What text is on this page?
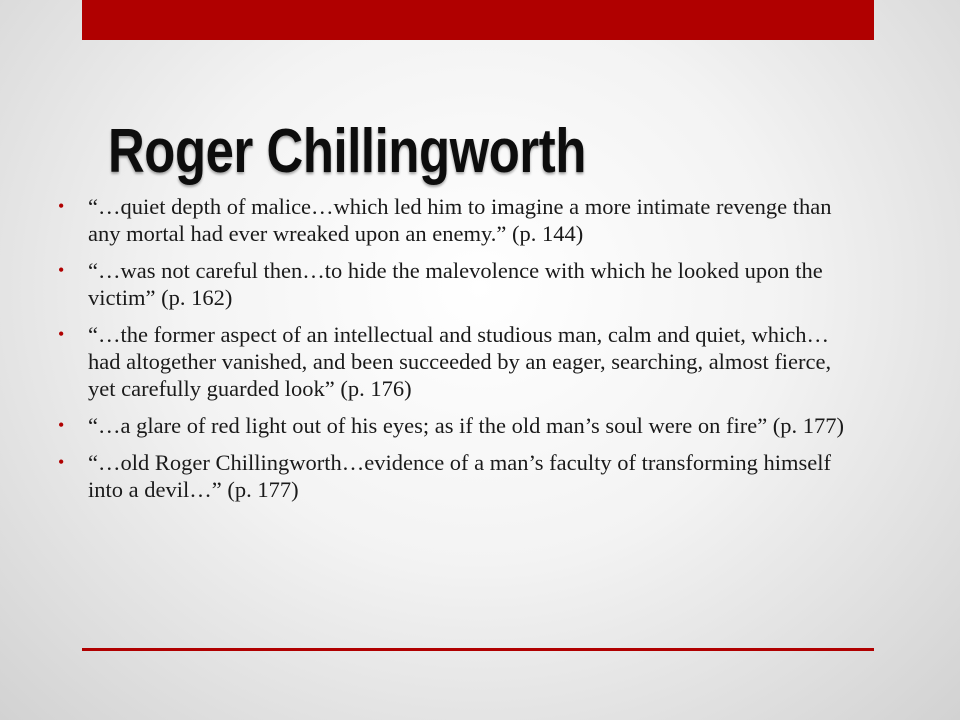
Roger Chillingworth
• “…quiet depth of malice…which led him to imagine a more intimate revenge than any mortal had ever wreaked upon an enemy.” (p. 144)
• “…was not careful then…to hide the malevolence with which he looked upon the victim” (p. 162)
• “…the former aspect of an intellectual and studious man, calm and quiet, which…had altogether vanished, and been succeeded by an eager, searching, almost fierce, yet carefully guarded look” (p. 176)
• “…a glare of red light out of his eyes; as if the old man’s soul were on fire” (p. 177)
• “…old Roger Chillingworth…evidence of a man’s faculty of transforming himself into a devil…” (p. 177)
